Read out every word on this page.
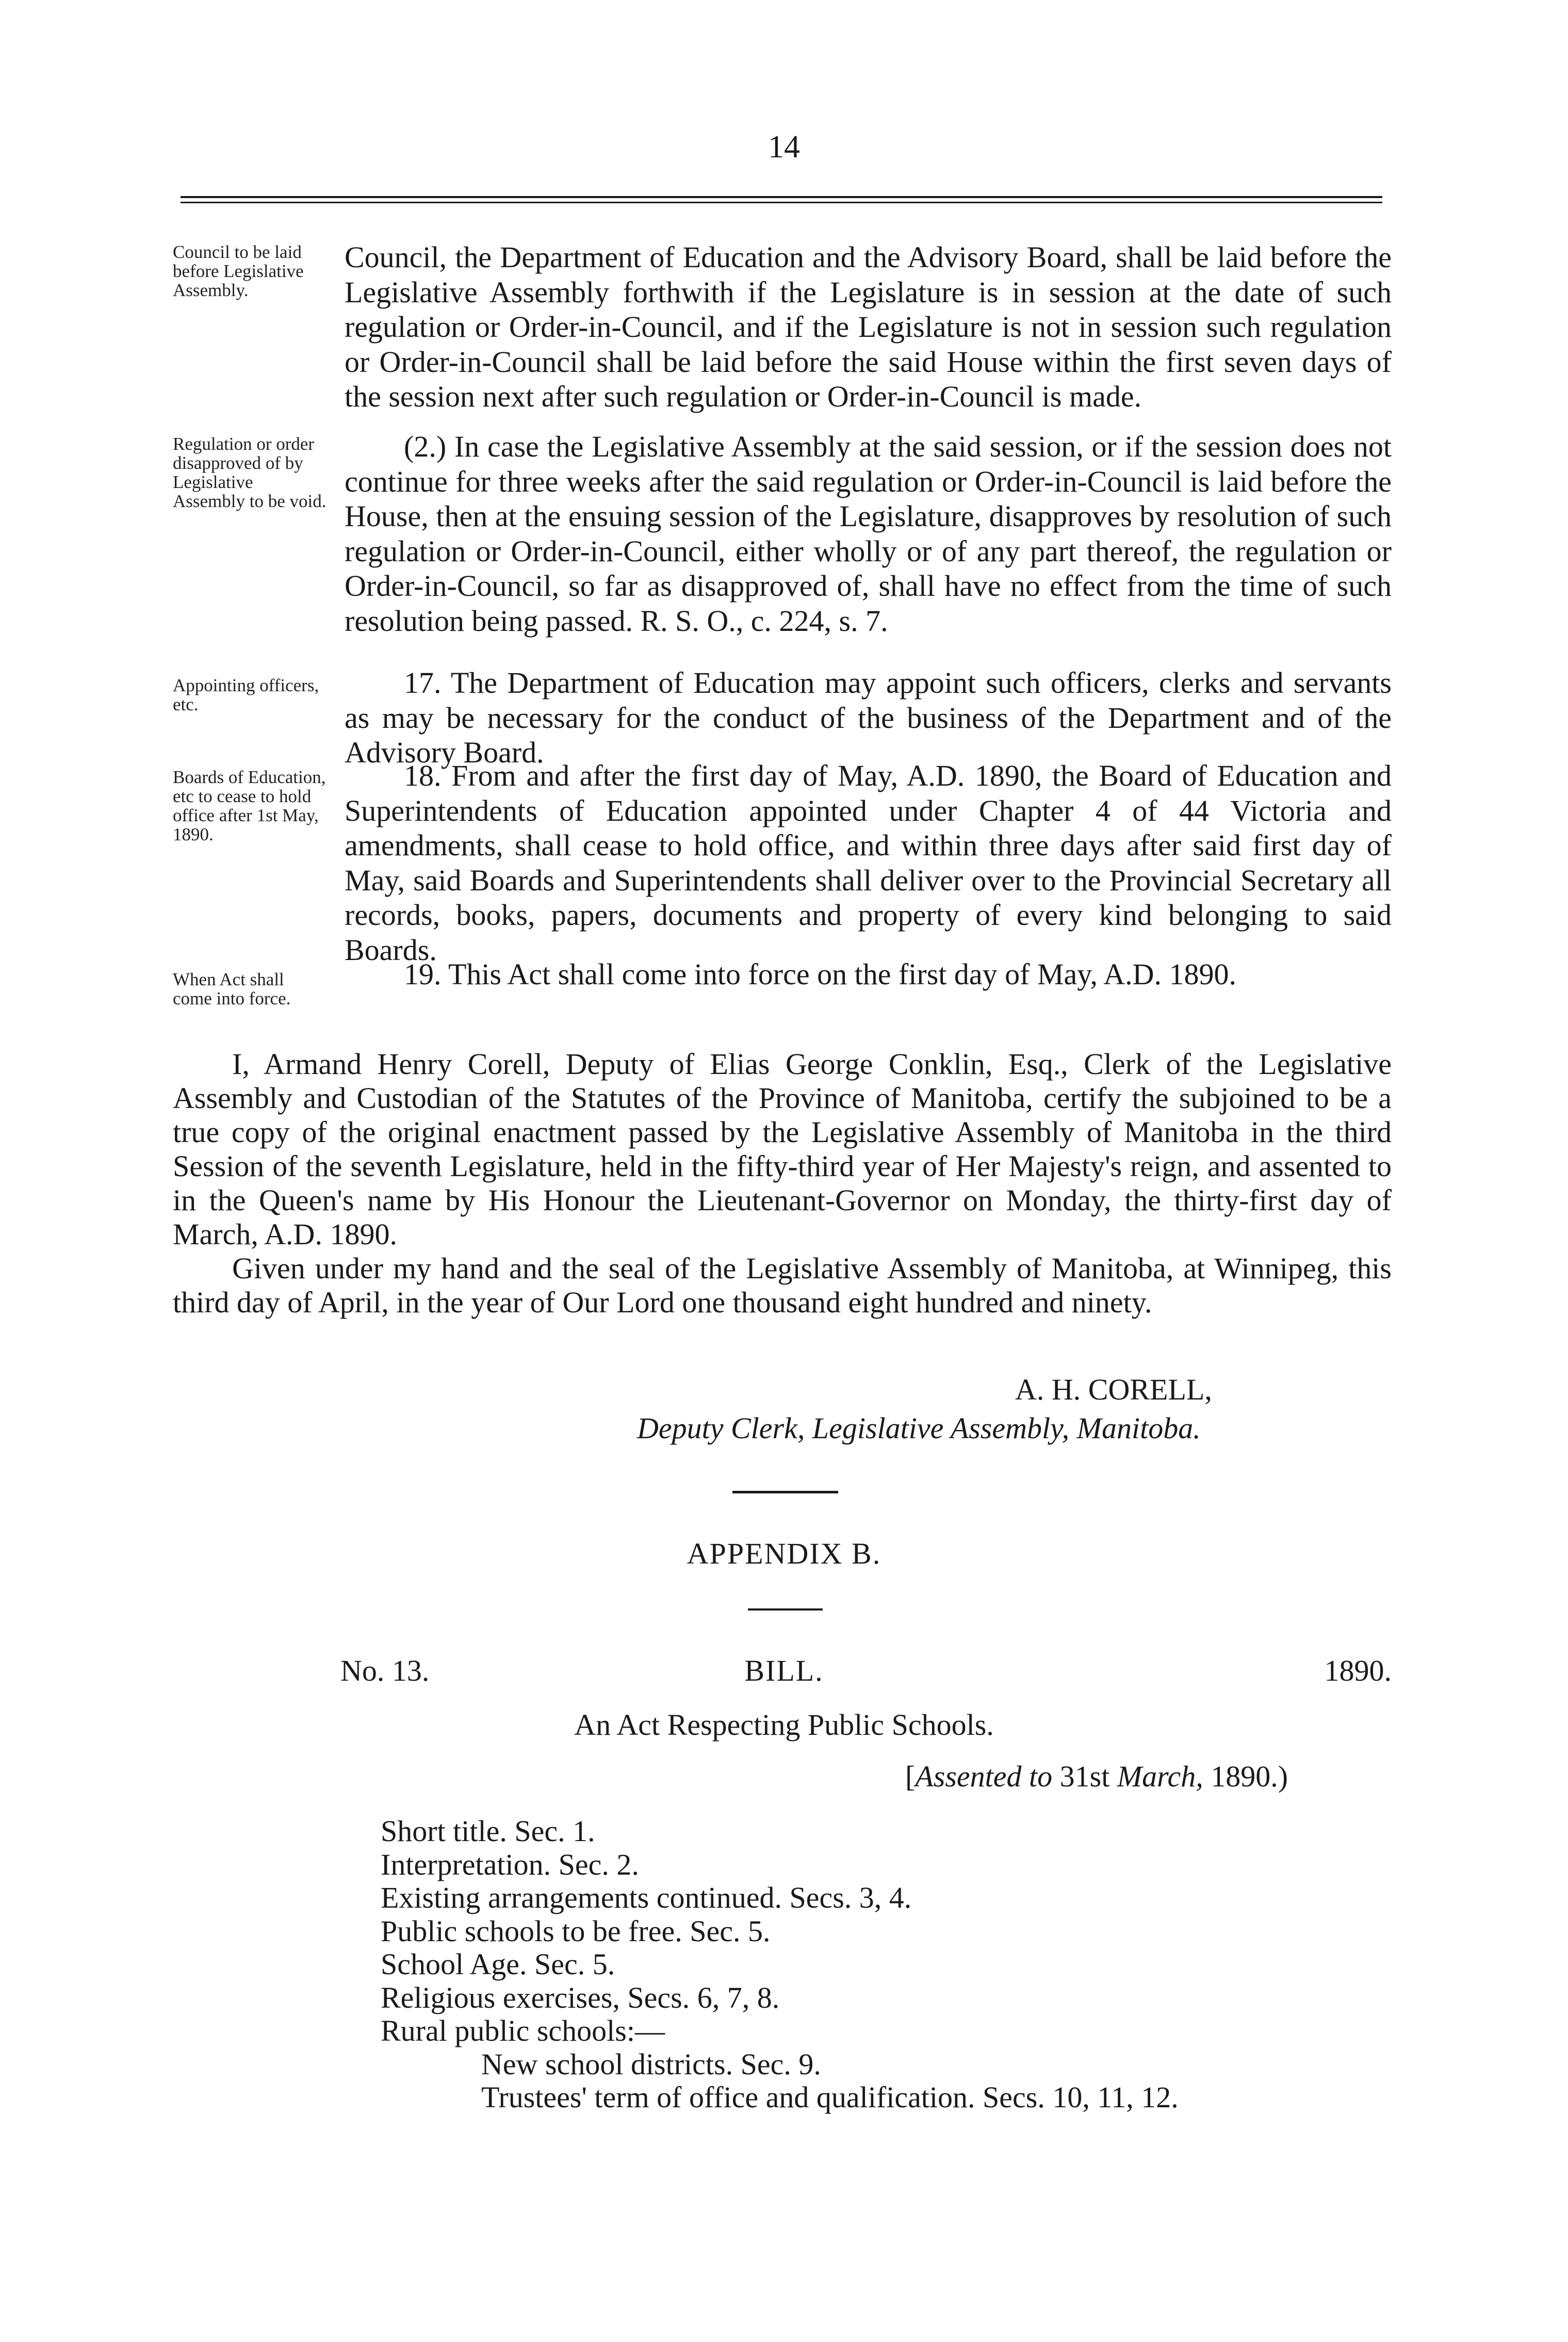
14
Council to be laid before Legislative Assembly.
Council, the Department of Education and the Advisory Board, shall be laid before the Legislative Assembly forthwith if the Legislature is in session at the date of such regulation or Order-in-Council, and if the Legislature is not in session such regulation or Order-in-Council shall be laid before the said House within the first seven days of the session next after such regulation or Order-in-Council is made.
Regulation or order disapproved of by Legislative Assembly to be void.
(2.) In case the Legislative Assembly at the said session, or if the session does not continue for three weeks after the said regulation or Order-in-Council is laid before the House, then at the ensuing session of the Legislature, disapproves by resolution of such regulation or Order-in-Council, either wholly or of any part thereof, the regulation or Order-in-Council, so far as disapproved of, shall have no effect from the time of such resolution being passed. R. S. O., c. 224, s. 7.
Appointing officers, etc.
17. The Department of Education may appoint such officers, clerks and servants as may be necessary for the conduct of the business of the Department and of the Advisory Board.
Boards of Education, etc to cease to hold office after 1st May, 1890.
18. From and after the first day of May, A.D. 1890, the Board of Education and Superintendents of Education appointed under Chapter 4 of 44 Victoria and amendments, shall cease to hold office, and within three days after said first day of May, said Boards and Superintendents shall deliver over to the Provincial Secretary all records, books, papers, documents and property of every kind belonging to said Boards.
When Act shall come into force.
19. This Act shall come into force on the first day of May, A.D. 1890.
I, Armand Henry Corell, Deputy of Elias George Conklin, Esq., Clerk of the Legislative Assembly and Custodian of the Statutes of the Province of Manitoba, certify the subjoined to be a true copy of the original enactment passed by the Legislative Assembly of Manitoba in the third Session of the seventh Legislature, held in the fifty-third year of Her Majesty's reign, and assented to in the Queen's name by His Honour the Lieutenant-Governor on Monday, the thirty-first day of March, A.D. 1890.
Given under my hand and the seal of the Legislative Assembly of Manitoba, at Winnipeg, this third day of April, in the year of Our Lord one thousand eight hundred and ninety.
A. H. CORELL,
Deputy Clerk, Legislative Assembly, Manitoba.
APPENDIX B.
No. 13.	BILL.	1890.
An Act Respecting Public Schools.
[Assented to 31st March, 1890.)
Short title. Sec. 1.
Interpretation. Sec. 2.
Existing arrangements continued. Secs. 3, 4.
Public schools to be free. Sec. 5.
School Age. Sec. 5.
Religious exercises, Secs. 6, 7, 8.
Rural public schools:—
New school districts. Sec. 9.
Trustees' term of office and qualification. Secs. 10, 11, 12.
